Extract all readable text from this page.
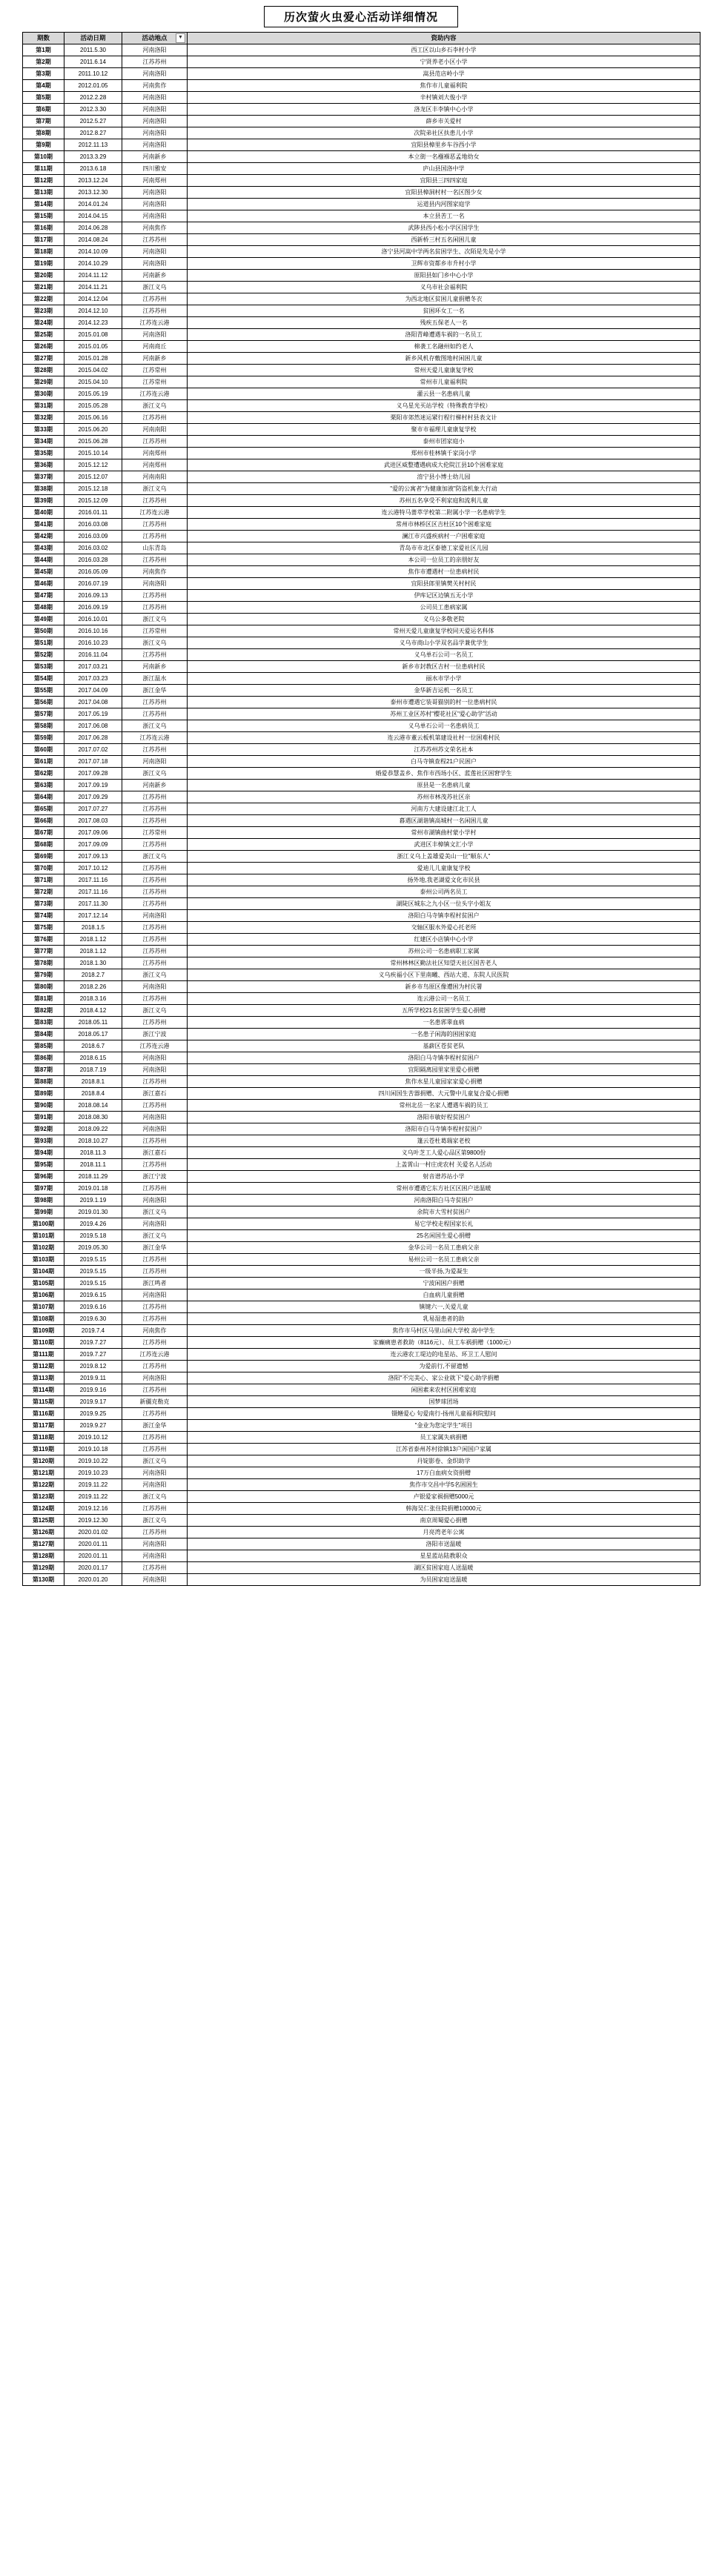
历次萤火虫爱心活动详细情况
期数	活动日期	活动地点 ▼	资助内容
第1期	2011.5.30	河南洛阳	西工区以山乡石李村小学
第2期	2011.6.14	江苏苏州	宁贤养老小区小学
第3期	2011.10.12	河南洛阳	嵩县范店岭小学
第4期	2012.01.05	河南焦作	焦作市儿童福利院
第5期	2012.2.28	河南洛阳	辛村镇刘大俊小学
第6期	2012.3.30	河南洛阳	洛龙区丰李镇中心小学
第7期	2012.5.27	河南洛阳	薛乡市关爱村
第8期	2012.8.27	河南洛阳	次院弟社区扶患儿小学
第9期	2012.11.13	河南洛阳	宜阳县樟里乡车谷西小学
第10期	2013.3.29	河南新乡	本立街一名襁褓恶孟地幼女
第11期	2013.6.18	四川雅安	庐山县国洛中学
第12期	2013.12.24	河南郑州	宜阳县三四四家庭
第13期	2013.12.30	河南洛阳	宜阳县樟洞村村一名区图少女
第14期	2014.01.24	河南洛阳	运道县内河图家庭学
第15期	2014.04.15	河南洛阳	本立县苦工一名
第16期	2014.06.28	河南焦作	武陟县西小松小学区国学生
第17期	2014.08.24	江苏苏州	西新桥三村五名闲困儿童
第18期	2014.10.09	河南洛阳	洛宁县河嵩中学两名贫困学生、次陌是先是小学
第19期	2014.10.29	河南洛阳	卫辉市资都乡市升村小学
第20期	2014.11.12	河南新乡	原阳县如门乡中心小学
第21期	2014.11.21	浙江义乌	义乌市社会福利院
第22期	2014.12.04	江苏苏州	为西北地区贫困儿童捐赠冬衣
第23期	2014.12.10	江苏苏州	贫困环女工一名
第24期	2014.12.23	江苏连云港	残疾五保老人一名
第25期	2015.01.08	河南洛阳	洛阳青峰遭遇车祸的一名员工
第26期	2015.01.05	河南商丘	棉袭工名融州如约老人
第27期	2015.01.28	河南新乡	新乡风机存敷图地村闲困儿童
第28期	2015.04.02	江苏常州	常州天爱儿童康复学校
第29期	2015.04.10	江苏常州	常州市儿童福利院
第30期	2015.05.19	江苏连云港	灌云县一名患病儿童
第31期	2015.05.28	浙江义乌	义乌星光买站学校（特殊教育学校）
第32期	2015.06.16	江苏苏州	栗阳市郊然迷运紧行程行梯村村县表文计
第33期	2015.06.20	河南南阳	聚市市福理儿童康复学校
第34期	2015.06.28	江苏苏州	泰州市团家庭小
第35期	2015.10.14	河南郑州	郑州市桂林镇千家岗小学
第36期	2015.12.12	河南郑州	武进区威整遭遇病成大伦院江县10个困难家庭
第37期	2015.12.07	河南南阳	淯宁县小博士幼儿园
第38期	2015.12.18	浙江义乌	"爱的公寓者"为健康加液"防盗机象大行动
第39期	2015.12.09	江苏苏州	苏州五名享受不利家庭和流利儿童
第40期	2016.01.11	江苏连云港	连云港特马蔷萃学校第二附属小学一名患病学生
第41期	2016.03.08	江苏苏州	常州市林桥区区吉杜区10个困难家庭
第42期	2016.03.09	江苏苏州	澜江市兴盛疾病村一户困难家庭
第43期	2016.03.02	山东青岛	青岛市市北区泰德工家爱社区儿园
第44期	2016.03.28	江苏苏州	本公司一位员工的亲朋好友
第45期	2016.05.09	河南焦作	焦作市遭遇村一位患病村民
第46期	2016.07.19	河南洛阳	宜阳县郎里镇樊关村村民
第47期	2016.09.13	江苏苏州	伊库记区边镇五无小学
第48期	2016.09.19	江苏苏州	公司员工患病家属
第49期	2016.10.01	浙江义乌	义乌公多敬老院
第50期	2016.10.16	江苏常州	常州天爱儿童康复学校同天爱运名科体
第51期	2016.10.23	浙江义乌	义乌市商山小学双名品学兼优学生
第52期	2016.11.04	江苏苏州	义乌单石公司一名员工
第53期	2017.03.21	河南新乡	新乡市封教区吉村一位患病村民
第54期	2017.03.23	浙江温水	丽水市学小学
第55期	2017.04.09	浙江金华	金华新吉运机一名员工
第56期	2017.04.08	江苏苏州	泰州市遭遇它装哥猫别的村一位患病村民
第57期	2017.05.19	江苏苏州	苏州工业区苏村"樱花社区"爱心助学"活动
第58期	2017.06.08	浙江义乌	义乌单石公司一名患病员工
第59期	2017.06.28	江苏连云港	连云港市董云板机第建设社村一位困难村民
第60期	2017.07.02	江苏苏州	江苏苏州苏文荣名社本
第61期	2017.07.18	河南洛阳	白马寺镇查程21户民困户
第62期	2017.09.28	浙江义乌	婚爱恭慧盖乡、焦作市西场小区、蓝莲社区困窘学生
第63期	2017.09.19	河南新乡	原县是一名患病儿童
第64期	2017.09.29	江苏苏州	苏州市林茂苏社区亲
第65期	2017.07.27	江苏苏州	河南方大建设建江北工人
第66期	2017.08.03	江苏苏州	暮遇区湖谐镇高城村一名闲困儿童
第67期	2017.09.06	江苏常州	常州市湖镇曲村蒙小学村
第68期	2017.09.09	江苏苏州	武进区丰樟镇文汇小学
第69期	2017.09.13	浙江义乌	浙江义乌上盖雄爱美山一位"顺东人"
第70期	2017.10.12	江苏苏州	爱迪儿儿童康复学校
第71期	2017.11.16	江苏苏州	扬外地,我老湖爱文化市民县
第72期	2017.11.16	江苏苏州	泰州公司两名员工
第73期	2017.11.30	江苏苏州	湖陡区城东之九小区一位头字小姐友
第74期	2017.12.14	河南洛阳	洛阳白马寺镇李程村贫困户
第75期	2018.1.5	江苏苏州	交轴区服水外爱心托老所
第76期	2018.1.12	江苏苏州	红建区小店镇中心小学
第77期	2018.1.12	江苏苏州	苏州公司一名患病职工家属
第78期	2018.1.30	江苏苏州	常州林林区勤法社区知望天社区国苦老人
第79期	2018.2.7	浙江义乌	义乌疾福小区下里南曦、西站大道、东院人民医院
第80期	2018.2.26	河南洛阳	新乡市鸟原区像遭困为村民署
第81期	2018.3.16	江苏苏州	连云港公司一名员工
第82期	2018.4.12	浙江义乌	五所学校21名贫困学生爱心捐赠
第83期	2018.05.11	江苏苏州	一名患郛睾血病
第84期	2018.05.17	浙江宁波	一名患子闲海的困困家庭
第85期	2018.6.7	江苏连云港	基薪区苍贫老队
第86期	2018.6.15	河南洛阳	洛阳白马寺镇李程村贫困户
第87期	2018.7.19	河南洛阳	宜阳隔离园里家里爱心捐赠
第88期	2018.8.1	江苏苏州	焦作水星儿童园家家爱心捐赠
第89期	2018.8.4	浙江嘉石	四川闲国生苦器捐赠、大元警中儿童复合爱心捐赠
第90期	2018.08.14	江苏苏州	常州北岳一名家人遭遇车祸的员工
第91期	2018.08.30	河南洛阳	洛阳市敏好程贫困户
第92期	2018.09.22	河南洛阳	洛阳市白马寺镇李程村贫困户
第93期	2018.10.27	江苏苏州	篷云苍杜葛瑞家老校
第94期	2018.11.3	浙江嘉石	义乌叶芝工人爱心品区第9800份
第95期	2018.11.1	江苏苏州	上盖霄山一村庄虎农村 关爱名人活动
第96期	2018.11.29	浙江宁波	射音谱苏站小学
第97期	2019.01.18	江苏苏州	常州市遭遇它东方社区区困户送温暖
第98期	2019.1.19	河南洛阳	河南洛阳白马寺贫困户
第99期	2019.01.30	浙江义乌	余院市大雪村贫困户
第100期	2019.4.26	河南洛阳	易它学校走程国家长礼
第101期	2019.5.18	浙江义乌	25名闲国生爱心捐赠
第102期	2019.05.30	浙江金华	金华公司一名员工患病父亲
第103期	2019.5.15	江苏苏州	易州公司一名员工患病父亲
第104期	2019.5.15	江苏苏州	一级半扬,为爱凝生
第105期	2019.5.15	浙江鸣者	宁波闲困户捐赠
第106期	2019.6.15	河南洛阳	白血病儿童捐赠
第107期	2019.6.16	江苏苏州	镇键六一,关爱儿童
第108期	2019.6.30	江苏苏州	乳易湿患者的助
第109期	2019.7.4	河南焦作	焦作市马村区马里山闲大学校 高中学生
第110期	2019.7.27	江苏苏州	家癫痛患者救助（8116元）、员工车祸捐赠（1000元）
第111期	2019.7.27	江苏连云港	连云港农工堤边的电星站、环卫工人慰问
第112期	2019.8.12	江苏苏州	为爱前行,不留遗憾
第113期	2019.9.11	河南洛阳	洛阳"不完美心、家公业就下"爱心助学捐赠
第114期	2019.9.16	江苏苏州	闲困素来农村区困难家庭
第115期	2019.9.17	新疆克勒克	国梦球团场
第116期	2019.9.25	江苏苏州	镊鳝爱心 句爱南行-扬州儿童福利院慰问
第117期	2019.9.27	浙江金华	"金业为您定学生"项目
第118期	2019.10.12	江苏苏州	员工家属失病捐赠
第119期	2019.10.18	江苏苏州	江苏省泰州苏村徐镇13户闲国户家属
第120期	2019.10.22	浙江义乌	丹锭影卷、金织助学
第121期	2019.10.23	河南洛阳	17万白血病女资捐赠
第122期	2019.11.22	河南洛阳	焦作市交昌中学5名困困生
第123期	2019.11.22	浙江义乌	卢银爱家祸捐赠5000元
第124期	2019.12.16	江苏苏州	韩海吴仁张住院捐赠10000元
第125期	2019.12.30	浙江义乌	南京周蜀爱心捐赠
第126期	2020.01.02	江苏苏州	月亮湾老年公寓
第127期	2020.01.11	河南洛阳	洛阳市送温暖
第128期	2020.01.11	河南洛阳	星星蓝站陆教职众
第129期	2020.01.17	江苏苏州	湖区贫困家庭人送温暖
第130期	2020.01.20	河南洛阳	为员困家庭送温暖
